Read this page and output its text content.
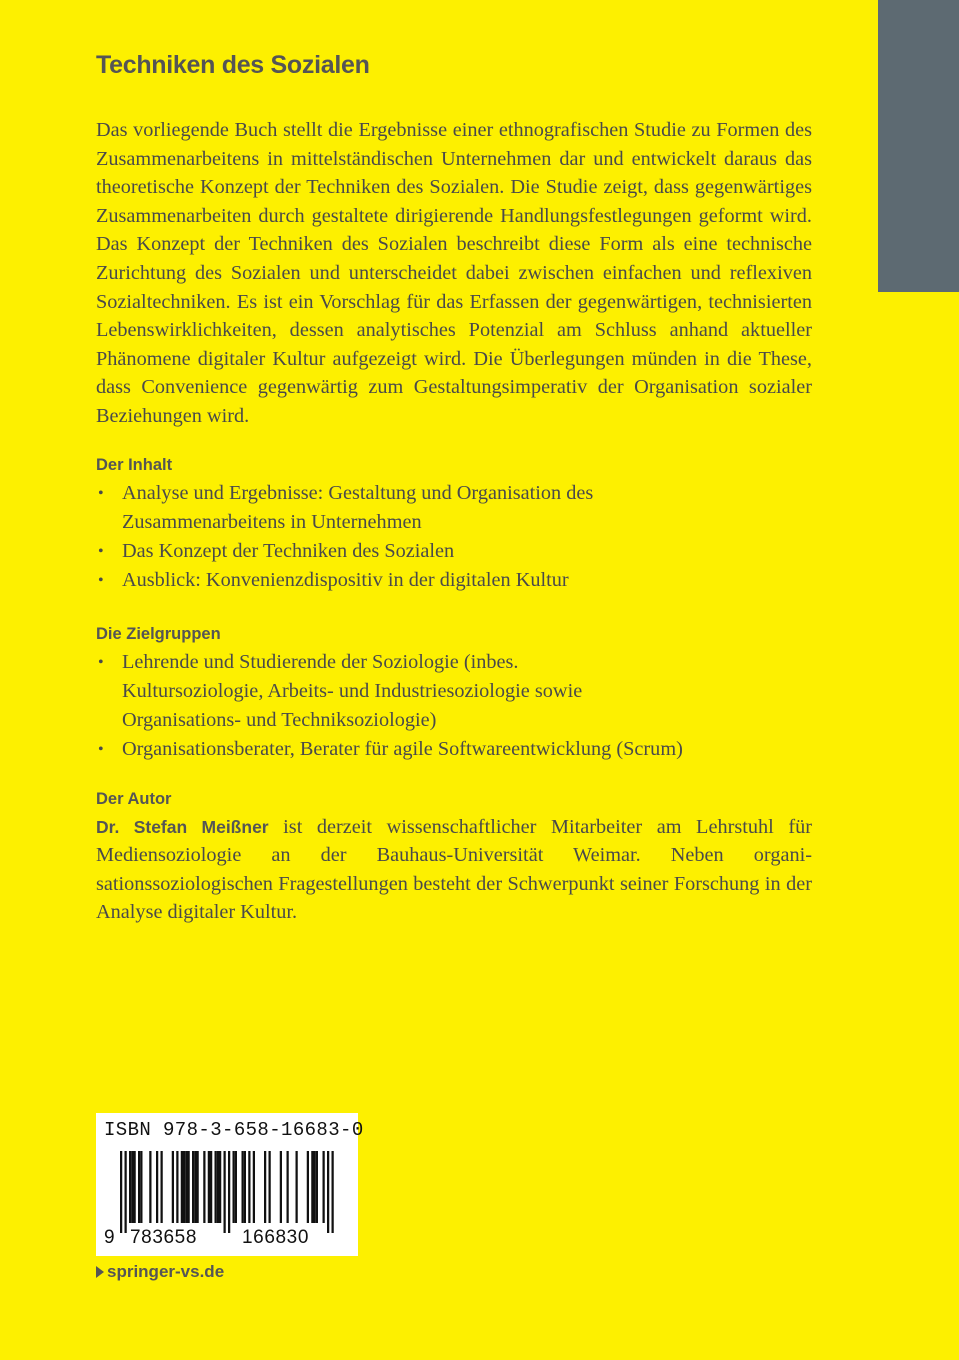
Techniken des Sozialen

Das vorliegende Buch stellt die Ergebnisse einer ethnografischen Studie zu Formen des Zusammenarbeitens in mittelständischen Unternehmen dar und entwickelt daraus das theoretische Konzept der Techniken des Sozialen. Die Studie zeigt, dass gegenwärtiges Zusammenarbeiten durch gestaltete dirigierende Handlungsfestlegungen geformt wird. Das Konzept der Techniken des Sozialen beschreibt diese Form als eine technische Zurichtung des Sozialen und unterscheidet dabei zwischen einfachen und reflexiven Sozialtechniken. Es ist ein Vorschlag für das Erfassen der gegenwärtigen, technisierten Lebenswirklichkeiten, dessen analytisches Potenzial am Schluss anhand aktueller Phänomene digitaler Kultur aufgezeigt wird. Die Überlegungen münden in die These, dass Convenience gegenwärtig zum Gestaltungsimperativ der Organisation sozialer Beziehungen wird.

Der Inhalt
• Analyse und Ergebnisse: Gestaltung und Organisation des Zusammenarbeitens in Unternehmen
• Das Konzept der Techniken des Sozialen
• Ausblick: Konvenienzdispositiv in der digitalen Kultur
Die Zielgruppen
• Lehrende und Studierende der Soziologie (inbes. Kultursoziologie, Arbeits- und Industriesoziologie sowie Organisations- und Techniksoziologie)
• Organisationsberater, Berater für agile Softwareentwicklung (Scrum)
Der Autor

Dr. Stefan Meißner ist derzeit wissenschaftlicher Mitarbeiter am Lehrstuhl für Mediensoziologie an der Bauhaus-Universität Weimar. Neben organisationssoziologischen Fragestellungen besteht der Schwerpunkt seiner Forschung in der Analyse digitaler Kultur.

ISBN 978-3-658-16683-0
9 783658 166830
springer-vs.de
